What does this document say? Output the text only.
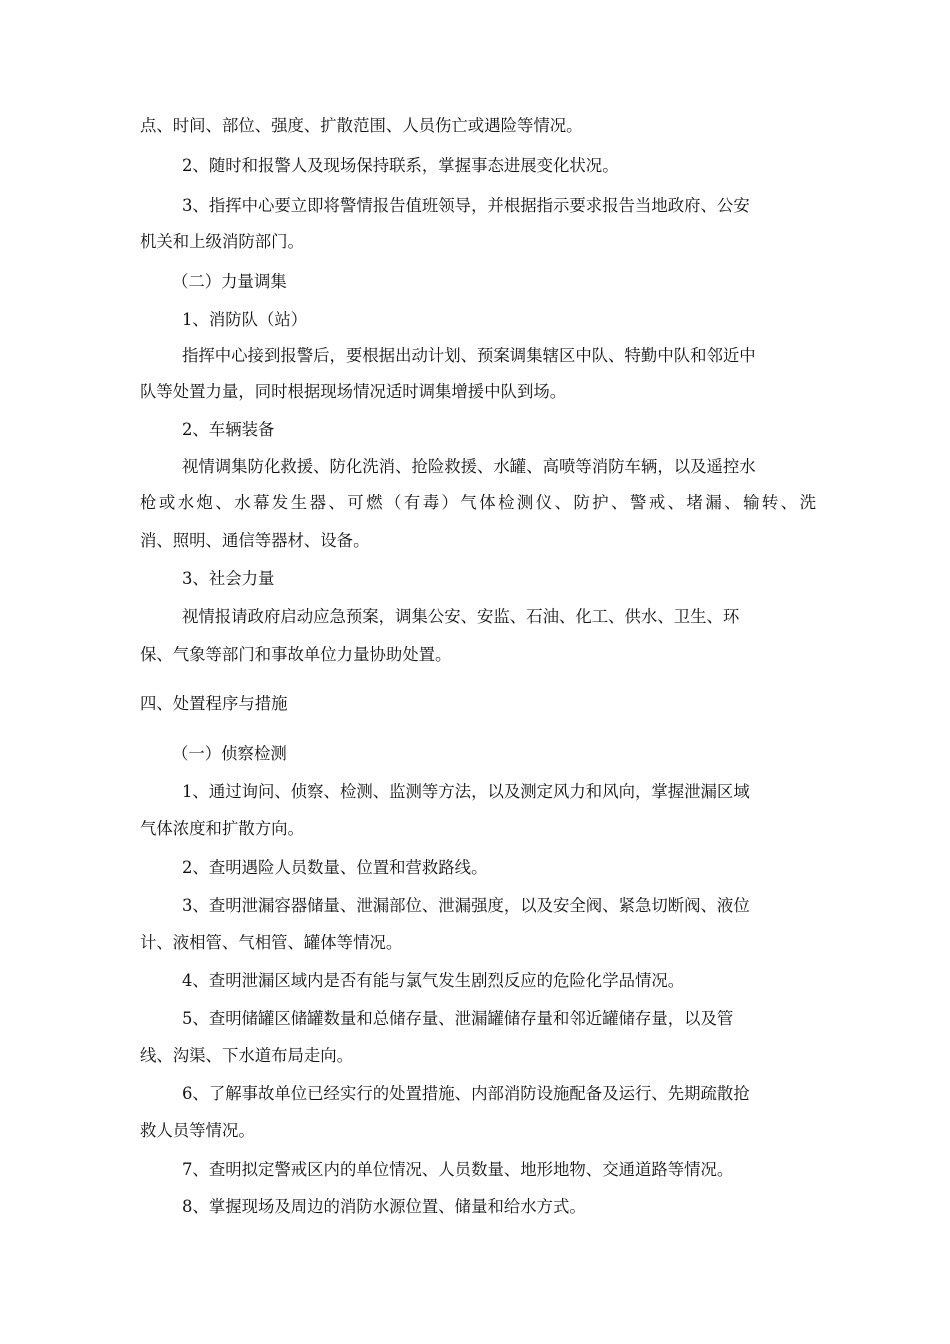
点、时间、部位、强度、扩散范围、人员伤亡或遇险等情况。

2、随时和报警人及现场保持联系，掌握事态进展变化状况。

3、指挥中心要立即将警情报告值班领导，并根据指示要求报告当地政府、公安

机关和上级消防部门。

（二）力量调集

1、消防队（站）

指挥中心接到报警后，要根据出动计划、预案调集辖区中队、特勤中队和邻近中

队等处置力量，同时根据现场情况适时调集增援中队到场。

2、车辆装备

视情调集防化救援、防化洗消、抢险救援、水罐、高喷等消防车辆，以及遥控水

枪或水炮、水幕发生器、可燃（有毒）气体检测仪、防护、警戒、堵漏、输转、洗

消、照明、通信等器材、设备。

3、社会力量

视情报请政府启动应急预案，调集公安、安监、石油、化工、供水、卫生、环

保、气象等部门和事故单位力量协助处置。

四、处置程序与措施

（一）侦察检测

1、通过询问、侦察、检测、监测等方法，以及测定风力和风向，掌握泄漏区域

气体浓度和扩散方向。

2、查明遇险人员数量、位置和营救路线。

3、查明泄漏容器储量、泄漏部位、泄漏强度，以及安全阀、紧急切断阀、液位

计、液相管、气相管、罐体等情况。

4、查明泄漏区域内是否有能与氯气发生剧烈反应的危险化学品情况。

5、查明储罐区储罐数量和总储存量、泄漏罐储存量和邻近罐储存量，以及管

线、沟渠、下水道布局走向。

6、了解事故单位已经实行的处置措施、内部消防设施配备及运行、先期疏散抢

救人员等情况。

7、查明拟定警戒区内的单位情况、人员数量、地形地物、交通道路等情况。

8、掌握现场及周边的消防水源位置、储量和给水方式。
